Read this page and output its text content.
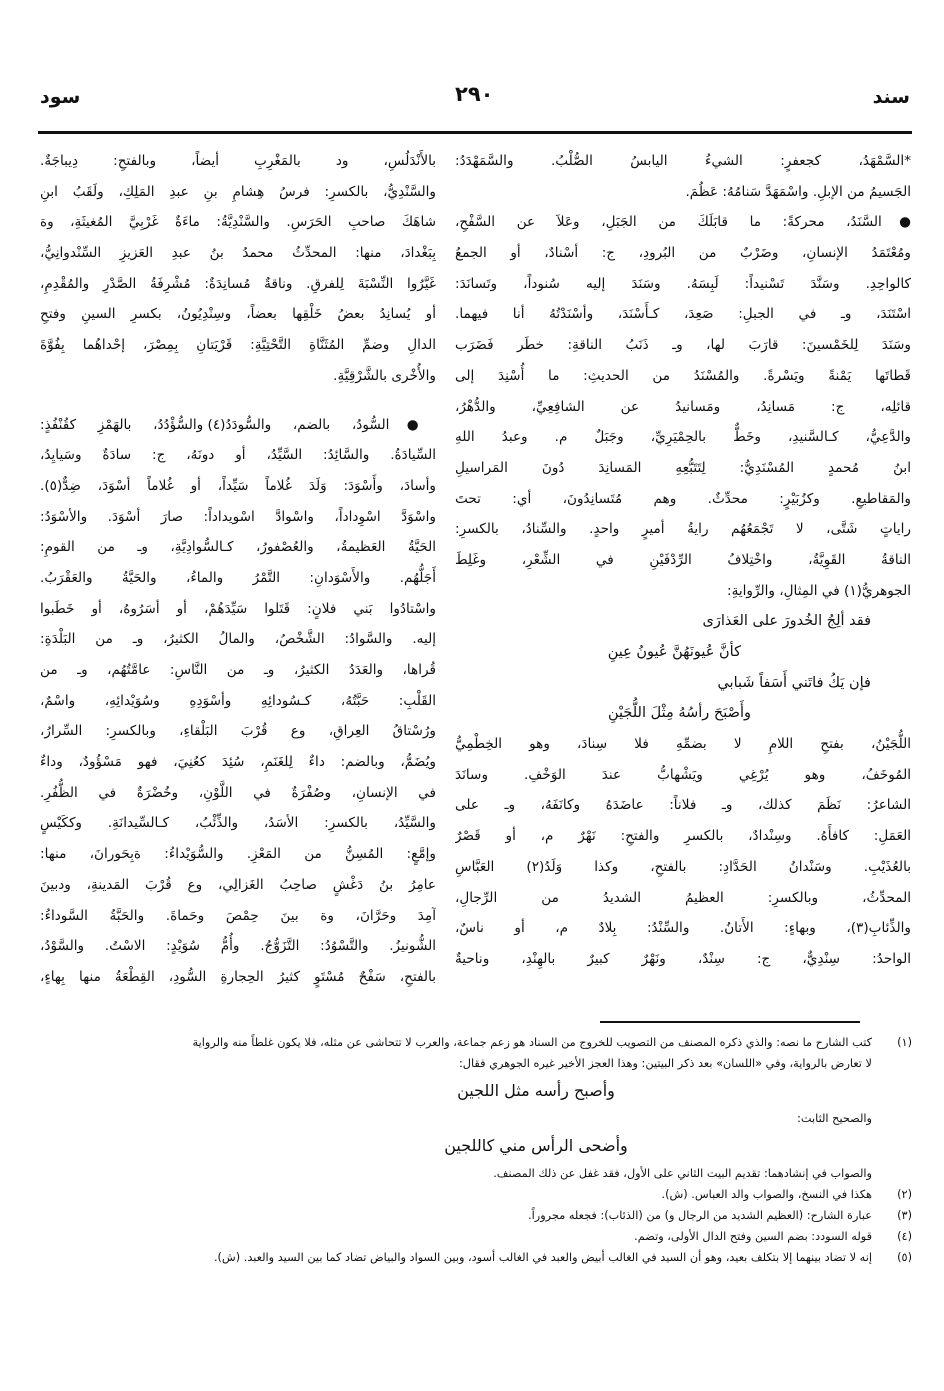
سند
٢٩٠
سود
*السَّمْهَدُ، كجعفرٍ: الشيءُ اليابسُ الصُّلْبُ. والسَّمَهْدَدُ:
الجَسيمُ من الإبلِ. واسْمَهَدَّ سَنامُهُ: عَظُمَ.
●السَّنَدُ، محركةً: ما قابَلَكَ من الجَبَلِ، وعَلاَ عن السَّفْحِ،
ومُعْتَمَدُ الإنسانِ، وضَرْبٌ من البُرودِ، ج: أسْنادٌ، أو الجمعُ
كالواحِدِ. وسَنَّدَ تَسْنيداً: لَبِسَهُ. وسَنَدَ إليه سُنوداً، وتَسانَدَ:
اسْتَنَدَ، وـ في الجبلِ: صَعِدَ، كـأَسْنَدَ، وأسْنَدْتُهُ أنا فيهما.
وسَنَدَ لِلخَمْسينَ: قارَبَ لها، وـ ذَنَبُ الناقةِ: خطَر فَضَرَب
قَطاتَها يَمْنةً ويَسْرةً. والمُسْنَدُ من الحديثِ: ما أُسْنِدَ إلى
قائلِه، ج: مَسانِدُ، ومَسانيدُ عن الشافِعِيِّ، والدُّهْرُ،
والدَّعِيُّ، كـالسَّنيدِ، وخَطٌّ بالحِمْيَرِيِّ، وجَبَلٌ م. وعبدُ اللهِ
ابنُ مُحمدٍ المُسْنَدِيُّ: لِتَتَبُّعِهِ المَسانِدَ دُونَ المَراسيلِ
والمَقاطيعِ. وكزُبَيْرٍ: محدِّثٌ. وهم مُتَسانِدُونَ، أي: تحتَ
راياتٍ شَتَّى، لا تَجْمَعُهُم رايةُ أميرٍ واحدٍ. والسِّنادُ، بالكسرِ:
الناقةُ القَوِيَّةُ، واخْتِلافُ الرِّدْفَيْنِ في الشِّعْرِ، وغَلِطَ
الجوهريُّ(١) في المِثالِ، والرِّوايةِ:
فقد ألِجُ الخُدورَ على العَذارَى
كأنَّ عُيونَهُنَّ عُيونُ عِينِ
فإن يَكُ فاتَني أَسَفاً شَبابي
وأَصْبَحَ رأسُهُ مِثْلَ اللُّجَيْنِ
اللُّجَيْنُ، بفتحِ اللامِ لا بضمِّهِ فلا سِنادَ، وهو الخِطْمِيُّ
المُوخَفُ، وهو يُرْغِي ويَشْهابُّ عندَ الوَخْفِ. وسانَدَ
الشاعرُ: نَظَمَ كذلك، وـ فلاناً: عاضَدَهُ وكانَفَهُ، وـ على
العَمَلِ: كافأَهُ. وسِنْدادٌ، بالكسرِ والفتحِ: نَهْرٌ م، أو قَصْرٌ
بالعُذَيْبِ. وسَنْدانُ الحَدَّادِ: بالفتحِ، وكذا وَلَدُ(٢) العَبَّاسِ
المحدِّثُ، وبالكسرِ: العظيمُ الشديدُ من الرِّجالِ،
والذِّئابِ(٣)، وبهاءٍ: الأَتانُ. والسِّنْدُ: بِلادٌ م، أو ناسٌ،
الواحدُ: سِنْدِيٌّ، ج: سِنْدٌ، ونَهْرٌ كبيرٌ بالهِنْدِ، وناحيةٌ
بالأَنْدَلُسِ، ود بالمَغْرِبِ أيضاً، وبالفتحِ: دِيباجَةٌ.
والسَّنْدِيُّ، بالكسرِ: فرسُ هِشامِ بنِ عبدِ المَلِكِ، ولَقَبُ ابنِ
شاهَكَ صاحبِ الحَرَسِ. والسَّنْدِيَّةُ: ماءَةٌ غَرْبِيَّ المُغيثَةِ، وة
بِبَغْدادَ، منها: المحدِّثُ محمدُ بنُ عبدِ العَزيزِ السِّنْدوانِيُّ،
غَيَّرُوا النِّسْبَةَ لِلفرقِ. وناقةٌ مُسانِدَةٌ: مُشْرِفَةُ الصَّدْرِ والمُقْدِمِ،
أو يُسانِدُ بعضُ خَلْقِها بعضاً، وسِنْدِيُونُ، بكسرِ السينِ وفتحِ
الدالِ وضمِّ المُثَنَّاةِ التَّحْتِيَّةِ: قَرْيَتانِ بِمِصْرَ، إحْداهُما بِفُوَّةَ
والأُخْرى بالشَّرْقِيَّةِ.
●السُّودُ، بالضم، والسُّودَدُ(٤) والسُّؤْدُدُ، بالهَمْزِ كقُنْفُذٍ:
السِّيادَةُ. والسَّائِدُ: السَّيِّدُ، أو دونَهُ، ج: سادَةٌ وسَيايِدُ،
وأسادَ، وأَسْوَدَ: وَلَدَ غُلاماً سَيِّداً، أو غُلاماً أسْوَدَ، ضِدٌّ(٥).
واسْوَدَّ اسْوِداداً، واسْوادَّ اسْويداداً: صارَ أسْوَدَ. والأسْوَدُ:
الحَيَّةُ العَظيمةُ، والعُصْفورُ، كـالسُّوادِيَّةِ، وـ من القومِ:
أَجَلُّهُم. والأَسْوَدانِ: التَّمْرُ والماءُ، والحَيَّةُ والعَقْرَبُ.
واسْتادُوا بَني فلانٍ: قَتَلوا سَيِّدَهُمْ، أو أسَرُوهُ، أو خَطَبوا
إليه. والسَّوادُ: الشَّخْصُ، والمالُ الكثيرُ، وـ من البَلْدَةِ:
قُراها، والعَدَدُ الكثيرُ، وـ من النَّاسِ: عامَّتُهُم، وـ من
القَلْبِ: حَبَّتُهُ، كـسُودائِهِ وأسْوَدِهِ وسُوَيْدائِهِ، واسْمٌ،
ورُسْتاقُ العِراقِ، وع قُرْبَ البَلْقاءِ، وبالكسرِ: السِّرارُ،
ويُضَمُّ، وبالضم: داءٌ لِلغَنَمِ، سُئِدَ كعُنِيَ، فهو مَسْؤُودٌ، وداءٌ
في الإنسانِ، وصُفْرَةٌ في اللَّوْنِ، وخُضْرَةٌ في الظُّفُرِ.
والسَّيِّدُ، بالكسرِ: الأسَدُ، والذِّئْبُ، كـالسِّيدانَةِ. وككَيْسٍ
وإمَّعٍ: المُسِنُّ من المَعْزِ. والسُّوَيْداءُ: ةبِحَورانَ، منها:
عامِرُ بنُ دَغْشٍ صاحِبُ الغَزالِي، وع قُرْبَ المَدينةِ، ودبينَ
آمِدَ وحَرَّانَ، وة بينَ حِمْصَ وحَماةَ. والحَبَّةُ السَّوداءُ:
الشُّونيزُ. والتَّسْوُدُ: التَّزَوُّجُ. وأُمُّ سُوَيْدٍ: الاسْتُ. والسَّوْدُ،
بالفتحِ، سَفْحٌ مُسْتَوٍ كثيرُ الحِجارةِ السُّودِ، القِطْعَةُ منها بِهاءٍ،
(١)
كتب الشارح ما نصه: والذي ذكره المصنف من التصويب للخروج من السناد هو زعم جماعة، والعرب لا تتحاشى عن مثله، فلا يكون غلطاً منه والرواية
لا تعارض بالرواية، وفي «اللسان» بعد ذكر البيتين: وهذا العجز الأخير غيره الجوهري فقال:
وأصبح رأسه مثل اللجين
والصحيح الثابت:
وأضحى الرأس مني كاللجين
والصواب في إنشادهما: تقديم البيت الثاني على الأول، فقد غفل عن ذلك المصنف.
(٢)
هكذا في النسخ، والصواب والد العباس. (ش).
(٣)
عبارة الشارح: (العظيم الشديد من الرجال و) من (الذئاب): فجعله مجروراً.
(٤)
قوله السودد: بضم السين وفتح الدال الأولى، وتضم.
(٥)
إنه لا تضاد بينهما إلا بتكلف بعيد، وهو أن السيد في الغالب أبيض والعبد في الغالب أسود، وبين السواد والبياض تضاد كما بين السيد والعبد. (ش).
